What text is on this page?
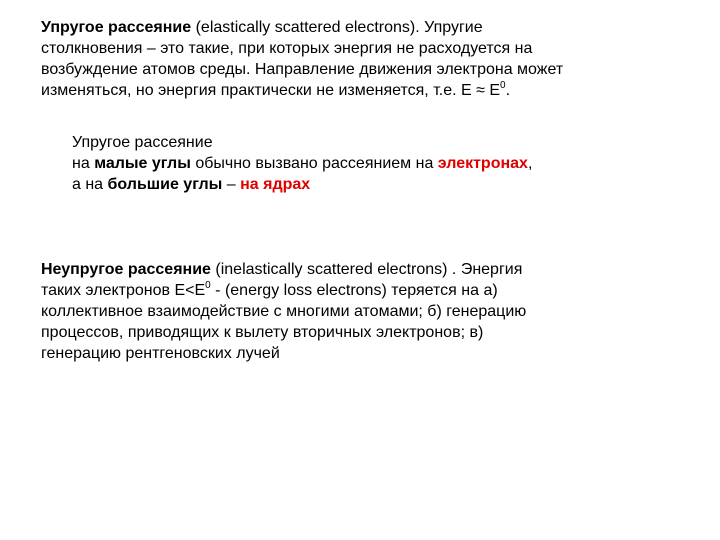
Упругое рассеяние (elastically scattered electrons). Упругие
столкновения – это такие, при которых энергия не расходуется на
возбуждение атомов среды. Направление движения электрона может
изменяться, но энергия практически не изменяется, т.е. $Е \approx Е^0$.

Упругое рассеяние
на малые углы обычно вызвано рассеянием на электронах,
а на большие углы – на ядрах

Неупругое рассеяние (inelastically scattered electrons) . Энергия
таких электронов $Е<Е^0$ - (energy loss electrons) теряется на а)
коллективное взаимодействие с многими атомами; б) генерацию
процессов, приводящих к вылету вторичных электронов; в)
генерацию рентгеновских лучей
